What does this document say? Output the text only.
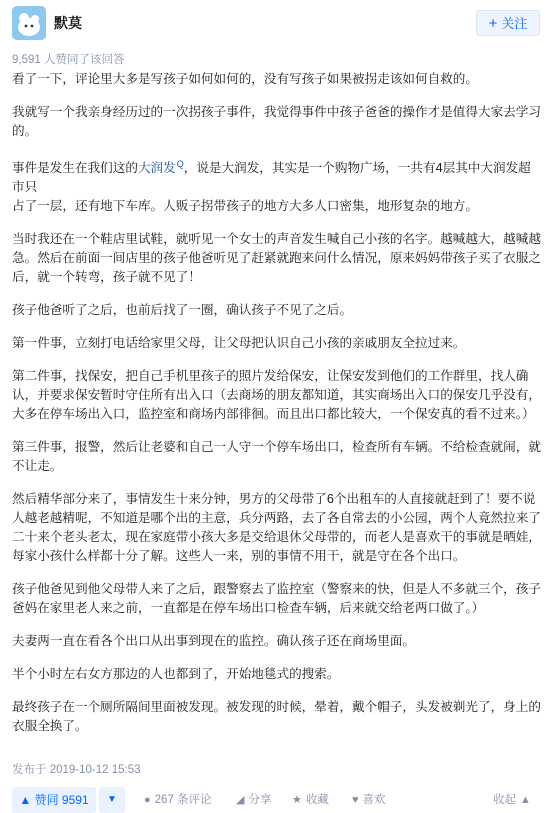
默莫	+ 关注
9,591 人赞同了该回答

看了一下，评论里大多是写孩子如何如何的，没有写孩子如果被拐走该如何自救的。

我就写一个我亲身经历过的一次拐孩子事件，我觉得事件中孩子爸爸的操作才是值得大家去学习的。

事件是发生在我们这的大润发$^Q$，说是大润发，其实是一个购物广场，一共有4层其中大润发超市只

占了一层，还有地下车库。人贩子拐带孩子的地方大多人口密集，地形复杂的地方。

当时我还在一个鞋店里试鞋，就听见一个女士的声音发生喊自己小孩的名字。越喊越大，越喊越急。然后在前面一间店里的孩子他爸听见了赶紧就跑来问什么情况，原来妈妈带孩子买了衣服之后，就一个转弯，孩子就不见了！

孩子他爸听了之后，也前后找了一圈，确认孩子不见了之后。

第一件事，立刻打电话给家里父母，让父母把认识自己小孩的亲戚朋友全拉过来。

第二件事，找保安，把自己手机里孩子的照片发给保安，让保安发到他们的工作群里，找人确认，并要求保安暂时守住所有出入口（去商场的朋友都知道，其实商场出入口的保安几乎没有，大多在停车场出入口，监控室和商场内部徘徊。而且出口都比较大，一个保安真的看不过来。）

第三件事，报警，然后让老婆和自己一人守一个停车场出口，检查所有车辆。不给检查就闹，就不让走。

然后精华部分来了，事情发生十来分钟，男方的父母带了6个出租车的人直接就赶到了！要不说人越老越精呢，不知道是哪个出的主意，兵分两路，去了各自常去的小公园，两个人竟然拉来了二十来个老头老太，现在家庭带小孩大多是交给退休父母带的，而老人是喜欢干的事就是晒娃，每家小孩什么样都十分了解。这些人一来，别的事情不用干，就是守在各个出口。

孩子他爸见到他父母带人来了之后，跟警察去了监控室（警察来的快，但是人不多就三个，孩子爸妈在家里老人来之前，一直都是在停车场出口检查车辆，后来就交给老两口做了。）

夫妻两一直在看各个出口从出事到现在的监控。确认孩子还在商场里面。

半个小时左右女方那边的人也都到了，开始地毯式的搜索。

最终孩子在一个厕所隔间里面被发现。被发现的时候，晕着，戴个帽子，头发被剃光了，身上的衣服全换了。

发布于 2019-10-12 15:53
▲ 赞同 9591	▼	● 267 条评论 ◢ 分享 ★ 收藏 ♥ 喜欢	收起 ▲
